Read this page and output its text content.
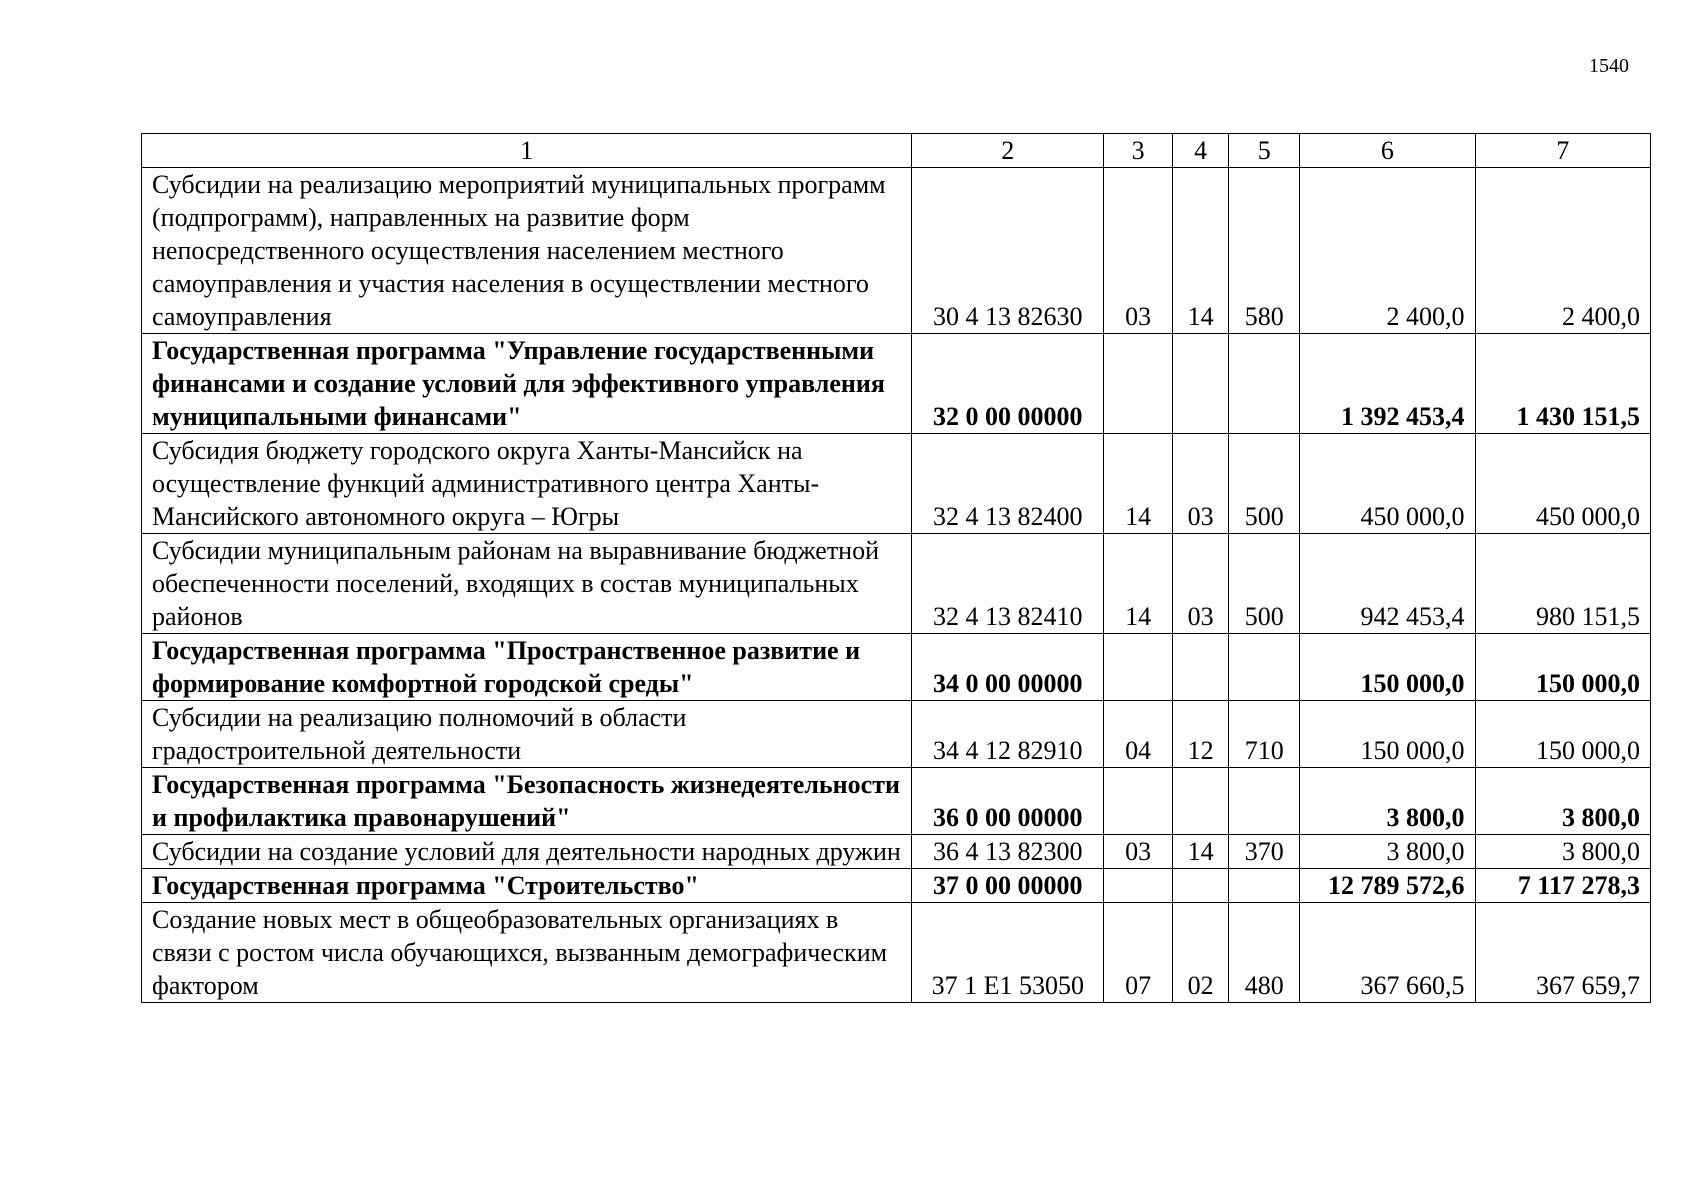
1540
1	2	3	4	5	6	7
Субсидии на реализацию мероприятий муниципальных программ (подпрограмм), направленных на развитие форм непосредственного осуществления населением местного самоуправления и участия населения в осуществлении местного самоуправления	30 4 13 82630	03	14	580	2 400,0	2 400,0
Государственная программа "Управление государственными финансами и создание условий для эффективного управления муниципальными финансами"	32 0 00 00000				1 392 453,4	1 430 151,5
Субсидия бюджету городского округа Ханты-Мансийск на осуществление функций административного центра Ханты-Мансийского автономного округа – Югры	32 4 13 82400	14	03	500	450 000,0	450 000,0
Субсидии муниципальным районам на выравнивание бюджетной обеспеченности поселений, входящих в состав муниципальных районов	32 4 13 82410	14	03	500	942 453,4	980 151,5
Государственная программа "Пространственное развитие и формирование комфортной городской среды"	34 0 00 00000				150 000,0	150 000,0
Субсидии на реализацию полномочий в области градостроительной деятельности	34 4 12 82910	04	12	710	150 000,0	150 000,0
Государственная программа "Безопасность жизнедеятельности и профилактика правонарушений"	36 0 00 00000				3 800,0	3 800,0
Субсидии на создание условий для деятельности народных дружин	36 4 13 82300	03	14	370	3 800,0	3 800,0
Государственная программа "Строительство"	37 0 00 00000				12 789 572,6	7 117 278,3
Создание новых мест в общеобразовательных организациях в связи с ростом числа обучающихся, вызванным демографическим фактором	37 1 Е1 53050	07	02	480	367 660,5	367 659,7
